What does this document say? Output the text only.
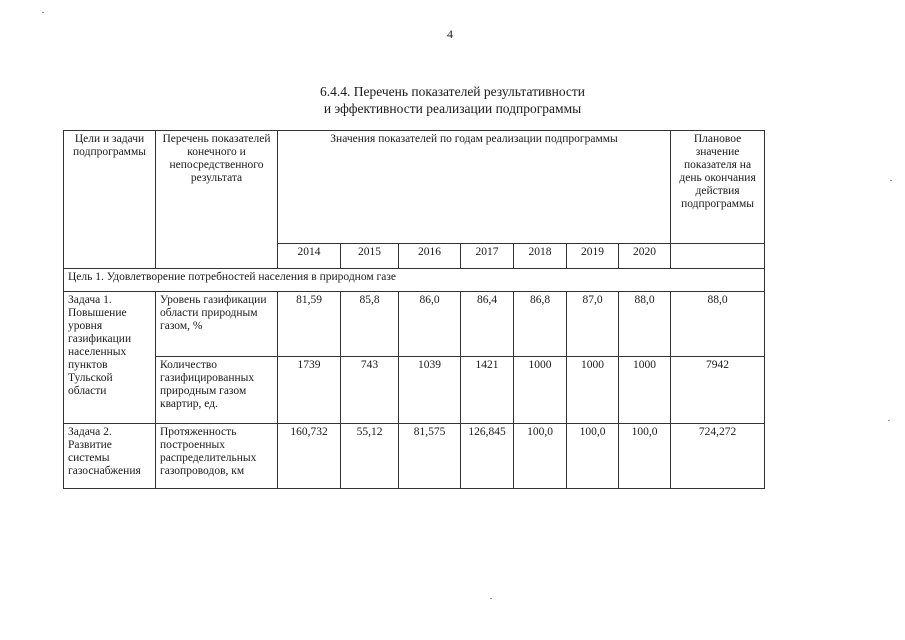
4
6.4.4. Перечень показателей результативности
и эффективности реализации подпрограммы
Цели и задачи подпрограммы	Перечень показателей конечного и непосредственного результата	Значения показателей по годам реализации подпрограммы							Плановое значение показателя на день окончания действия подпрограммы
		2014	2015	2016	2017	2018	2019	2020	
Цель 1. Удовлетворение потребностей населения в природном газе									
Задача 1. Повышение уровня газификации населенных пунктов Тульской области	Уровень газификации области природным газом, %	81,59	85,8	86,0	86,4	86,8	87,0	88,0	88,0
	Количество газифицированных природным газом квартир, ед.	1739	743	1039	1421	1000	1000	1000	7942
Задача 2. Развитие системы газоснабжения	Протяженность построенных распределительных газопроводов, км	160,732	55,12	81,575	126,845	100,0	100,0	100,0	724,272
